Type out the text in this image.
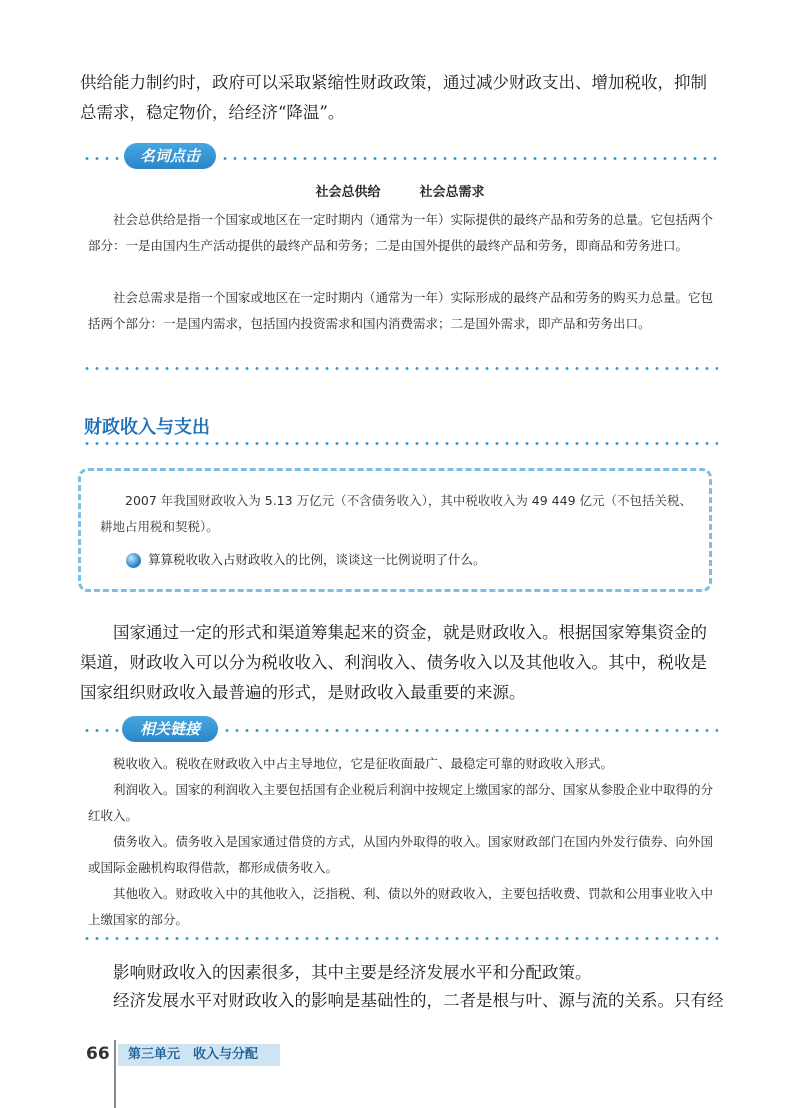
供给能力制约时，政府可以采取紧缩性财政政策，通过减少财政支出、增加税收，抑制总需求，稳定物价，给经济“降温”。

名词点击
社会总供给	社会总需求

社会总供给是指一个国家或地区在一定时期内（通常为一年）实际提供的最终产品和劳务的总量。它包括两个部分：一是由国内生产活动提供的最终产品和劳务；二是由国外提供的最终产品和劳务，即商品和劳务进口。

社会总需求是指一个国家或地区在一定时期内（通常为一年）实际形成的最终产品和劳务的购买力总量。它包括两个部分：一是国内需求，包括国内投资需求和国内消费需求；二是国外需求，即产品和劳务出口。

财政收入与支出

2007 年我国财政收入为 5.13 万亿元（不含债务收入），其中税收收入为 49 449 亿元（不包括关税、耕地占用税和契税）。

算算税收收入占财政收入的比例，谈谈这一比例说明了什么。

国家通过一定的形式和渠道筹集起来的资金，就是财政收入。根据国家筹集资金的渠道，财政收入可以分为税收收入、利润收入、债务收入以及其他收入。其中，税收是国家组织财政收入最普遍的形式，是财政收入最重要的来源。

相关链接

税收收入。税收在财政收入中占主导地位，它是征收面最广、最稳定可靠的财政收入形式。

利润收入。国家的利润收入主要包括国有企业税后利润中按规定上缴国家的部分、国家从参股企业中取得的分红收入。

债务收入。债务收入是国家通过借贷的方式，从国内外取得的收入。国家财政部门在国内外发行债券、向外国或国际金融机构取得借款，都形成债务收入。

其他收入。财政收入中的其他收入，泛指税、利、债以外的财政收入，主要包括收费、罚款和公用事业收入中上缴国家的部分。

影响财政收入的因素很多，其中主要是经济发展水平和分配政策。

经济发展水平对财政收入的影响是基础性的，二者是根与叶、源与流的关系。只有经

66	第三单元　收入与分配
